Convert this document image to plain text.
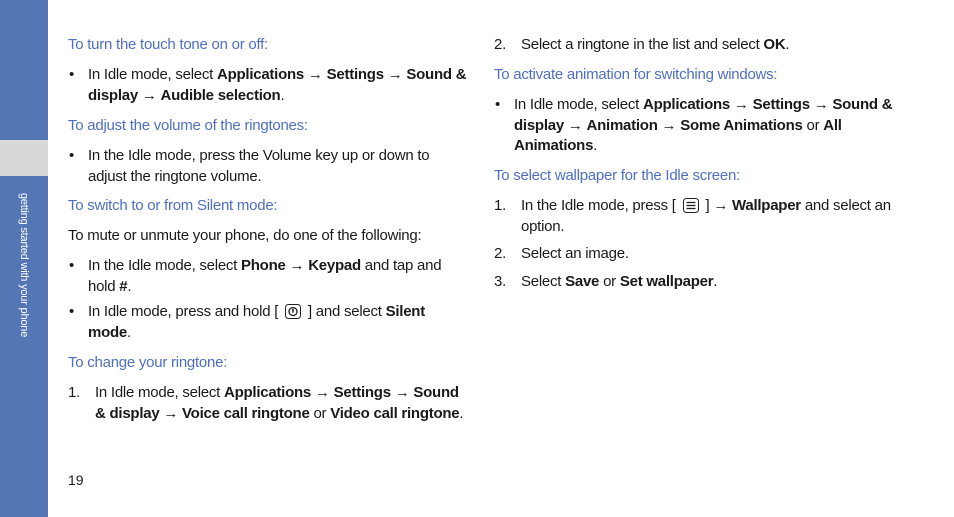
getting started with your phone
To turn the touch tone on or off:
• In Idle mode, select Applications → Settings → Sound & display → Audible selection.
To adjust the volume of the ringtones:
• In the Idle mode, press the Volume key up or down to adjust the ringtone volume.
To switch to or from Silent mode:
To mute or unmute your phone, do one of the following:
• In the Idle mode, select Phone → Keypad and tap and hold #.
• In Idle mode, press and hold [  ] and select Silent mode.
To change your ringtone:
1. In Idle mode, select Applications → Settings → Sound & display → Voice call ringtone or Video call ringtone.
2. Select a ringtone in the list and select OK.
To activate animation for switching windows:
• In Idle mode, select Applications → Settings → Sound & display → Animation → Some Animations or All Animations.
To select wallpaper for the Idle screen:
1. In the Idle mode, press [  ] → Wallpaper and select an option.
2. Select an image.
3. Select Save or Set wallpaper.
19
